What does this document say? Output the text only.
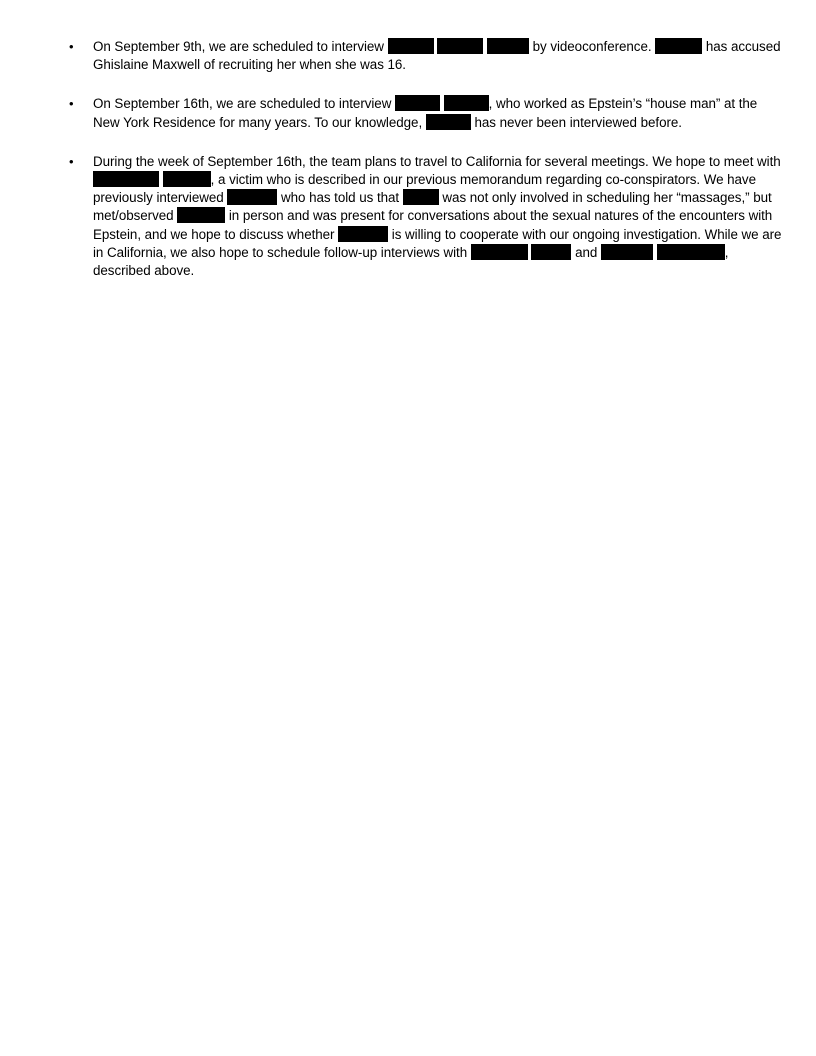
• On September 9th, we are scheduled to interview	by videoconference.	has accused Ghislaine Maxwell of recruiting her when she was 16.
• On September 16th, we are scheduled to interview	, who worked as Epstein’s “house man” at the New York Residence for many years. To our knowledge,	has never been interviewed before.
• During the week of September 16th, the team plans to travel to California for several meetings. We hope to meet with  , a victim who is described in our previous memorandum regarding co-conspirators. We have previously interviewed	who has told us that	was not only involved in scheduling her “massages,” but met/observed	in person and was present for conversations about the sexual natures of the encounters with Epstein, and we hope to discuss whether	is willing to cooperate with our ongoing investigation. While we are in California, we also hope to schedule follow-up interviews with	and	, described above.
